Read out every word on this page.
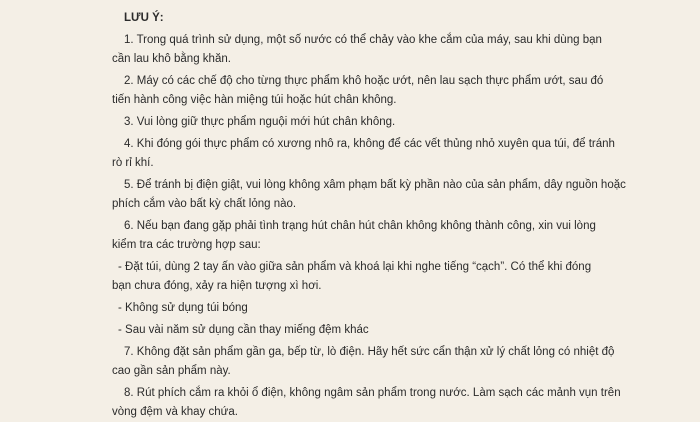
LƯU Ý:
1. Trong quá trình sử dụng, một số nước có thể chảy vào khe cắm của máy, sau khi dùng bạn
cần lau khô bằng khăn.
2. Máy có các chế độ cho từng thực phẩm khô hoặc ướt, nên lau sạch thực phẩm ướt, sau đó
tiến hành công việc hàn miệng túi hoặc hút chân không.
3. Vui lòng giữ thực phẩm nguội mới hút chân không.
4. Khi đóng gói thực phẩm có xương nhô ra, không để các vết thủng nhỏ xuyên qua túi, để tránh
rò rỉ khí.
5. Để tránh bị điện giật, vui lòng không xâm phạm bất kỳ phần nào của sản phẩm, dây nguồn hoặc
phích cắm vào bất kỳ chất lỏng nào.
6. Nếu bạn đang gặp phải tình trạng hút chân hút chân không không thành công, xin vui lòng
kiểm tra các trường hợp sau:
- Đặt túi, dùng 2 tay ấn vào giữa sản phẩm và khoá lại khi nghe tiếng “cạch”. Có thể khi đóng
bạn chưa đóng, xảy ra hiện tượng xì hơi.
- Không sử dụng túi bóng
- Sau vài năm sử dụng cần thay miếng đệm khác
7. Không đặt sản phẩm gần ga, bếp từ, lò điện. Hãy hết sức cẩn thận xử lý chất lỏng có nhiệt độ
cao gần sản phẩm này.
8. Rút phích cắm ra khỏi ổ điện, không ngâm sản phẩm trong nước. Làm sạch các mảnh vụn trên
vòng đệm và khay chứa.
